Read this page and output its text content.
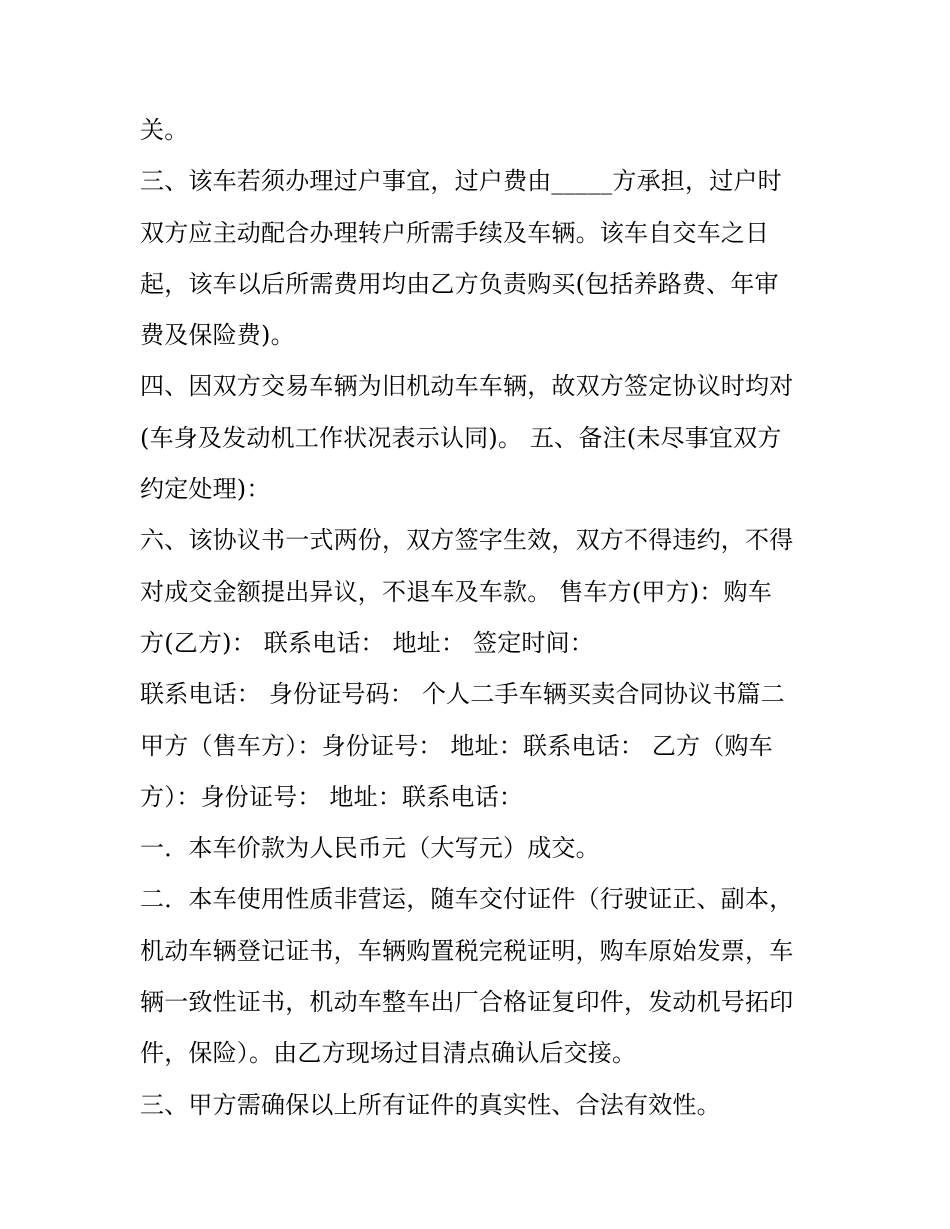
关。
三、该车若须办理过户事宜，过户费由_____方承担，过户时
双方应主动配合办理转户所需手续及车辆。该车自交车之日
起，该车以后所需费用均由乙方负责购买(包括养路费、年审
费及保险费)。
四、因双方交易车辆为旧机动车车辆，故双方签定协议时均对
(车身及发动机工作状况表示认同)。 五、备注(未尽事宜双方
约定处理)：
六、该协议书一式两份，双方签字生效，双方不得违约，不得
对成交金额提出异议，不退车及车款。 售车方(甲方)：购车
方(乙方)： 联系电话： 地址： 签定时间：
联系电话： 身份证号码： 个人二手车辆买卖合同协议书篇二
甲方（售车方）：身份证号： 地址：联系电话： 乙方（购车
方）：身份证号： 地址：联系电话：
一．本车价款为人民币元（大写元）成交。
二．本车使用性质非营运，随车交付证件（行驶证正、副本，
机动车辆登记证书，车辆购置税完税证明，购车原始发票，车
辆一致性证书，机动车整车出厂合格证复印件，发动机号拓印
件，保险）。由乙方现场过目清点确认后交接。
三、甲方需确保以上所有证件的真实性、合法有效性。
